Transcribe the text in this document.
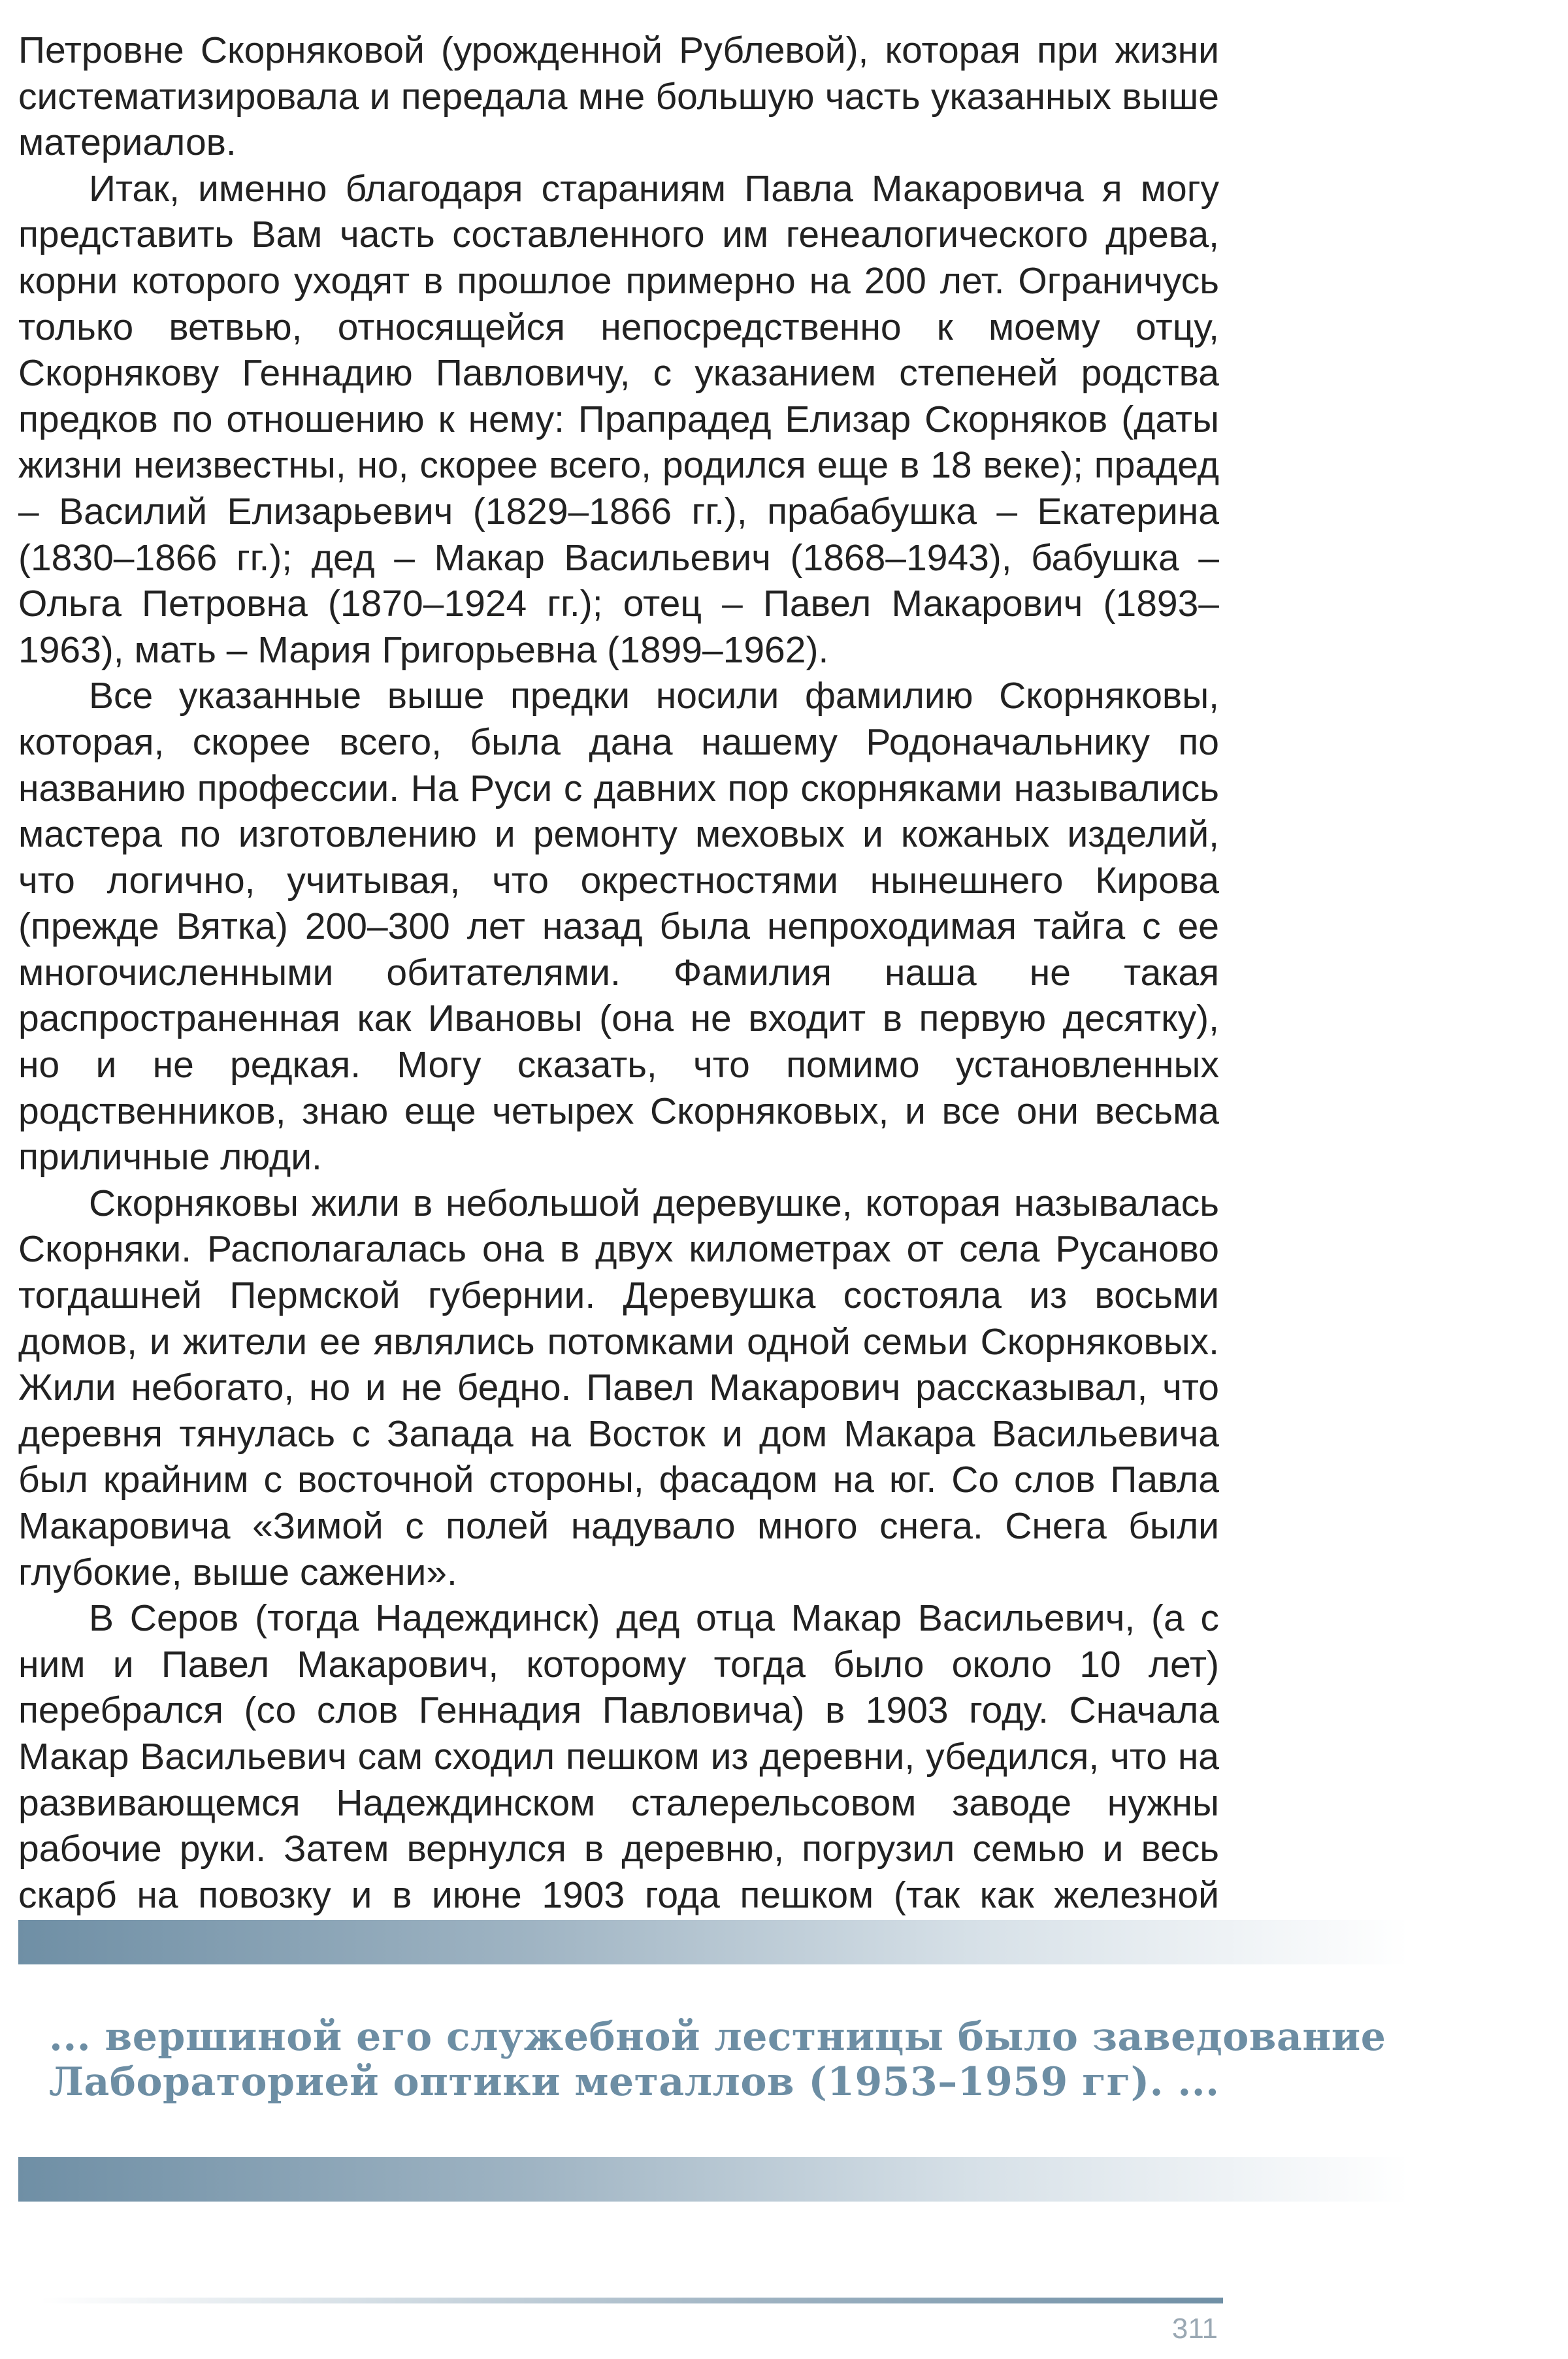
Петровне Скорняковой (урожденной Рублевой), которая при жизни систематизировала и передала мне большую часть указанных выше материалов.

Итак, именно благодаря стараниям Павла Макаровича я могу представить Вам часть составленного им генеалогического древа, корни которого уходят в прошлое примерно на 200 лет. Ограничусь только ветвью, относящейся непосредственно к моему отцу, Скорнякову Геннадию Павловичу, с указанием степеней родства предков по отношению к нему: Прапрадед Елизар Скорняков (даты жизни неизвестны, но, скорее всего, родился еще в 18 веке); прадед – Василий Елизарьевич (1829–1866 гг.), прабабушка – Екатерина (1830–1866 гг.); дед – Макар Васильевич (1868–1943), бабушка – Ольга Петровна (1870–1924 гг.); отец – Павел Макарович (1893–1963), мать – Мария Григорьевна (1899–1962).

Все указанные выше предки носили фамилию Скорняковы, которая, скорее всего, была дана нашему Родоначальнику по названию профессии. На Руси с давних пор скорняками назывались мастера по изготовлению и ремонту меховых и кожаных изделий, что логично, учитывая, что окрестностями нынешнего Кирова (прежде Вятка) 200–300 лет назад была непроходимая тайга с ее многочисленными обитателями. Фамилия наша не такая распространенная как Ивановы (она не входит в первую десятку), но и не редкая. Могу сказать, что помимо установленных родственников, знаю еще четырех Скорняковых, и все они весьма приличные люди.

Скорняковы жили в небольшой деревушке, которая называлась Скорняки. Располагалась она в двух километрах от села Русаново тогдашней Пермской губернии. Деревушка состояла из восьми домов, и жители ее являлись потомками одной семьи Скорняковых. Жили небогато, но и не бедно. Павел Макарович рассказывал, что деревня тянулась с Запада на Восток и дом Макара Васильевича был крайним с восточной стороны, фасадом на юг. Со слов Павла Макаровича «Зимой с полей надувало много снега. Снега были глубокие, выше сажени».

В Серов (тогда Надеждинск) дед отца Макар Васильевич, (а с ним и Павел Макарович, которому тогда было около 10 лет) перебрался (со слов Геннадия Павловича) в 1903 году. Сначала Макар Васильевич сам сходил пешком из деревни, убедился, что на развивающемся Надеждинском сталерельсовом заводе нужны рабочие руки. Затем вернулся в деревню, погрузил семью и весь скарб на повозку и в июне 1903 года пешком (так как железной

... вершиной его служебной лестницы было заведование Лабораторией оптики металлов (1953–1959 гг). ...
311
